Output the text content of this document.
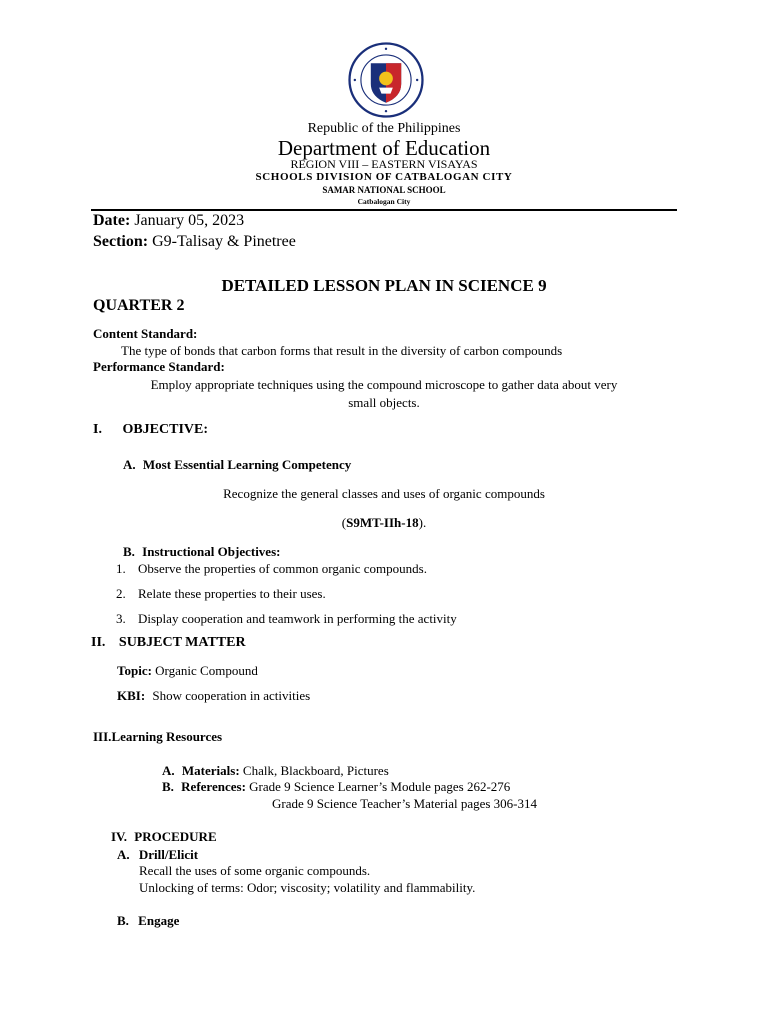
Republic of the Philippines
Department of Education
REGION VIII – EASTERN VISAYAS
SCHOOLS DIVISION OF CATBALOGAN CITY
SAMAR NATIONAL SCHOOL
Catbalogan City
Date: January 05, 2023
Section: G9-Talisay & Pinetree
DETAILED LESSON PLAN IN SCIENCE 9
QUARTER 2
Content Standard:
The type of bonds that carbon forms that result in the diversity of carbon compounds
Performance Standard:
Employ appropriate techniques using the compound microscope to gather data about very
small objects.
I. OBJECTIVE:
A. Most Essential Learning Competency
Recognize the general classes and uses of organic compounds
(S9MT-IIh-18).
B. Instructional Objectives:
1. Observe the properties of common organic compounds.
2. Relate these properties to their uses.
3. Display cooperation and teamwork in performing the activity
II. SUBJECT MATTER
Topic: Organic Compound
KBI: Show cooperation in activities
III.Learning Resources
A. Materials: Chalk, Blackboard, Pictures
B. References: Grade 9 Science Learner’s Module pages 262-276
Grade 9 Science Teacher’s Material pages 306-314
IV. PROCEDURE
A. Drill/Elicit
Recall the uses of some organic compounds.
Unlocking of terms: Odor; viscosity; volatility and flammability.
B. Engage
